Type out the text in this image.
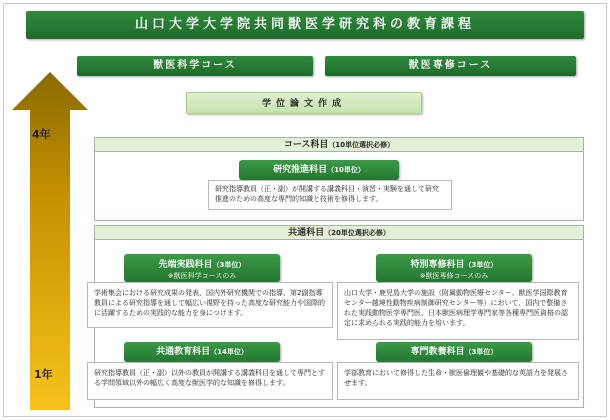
山口大学大学院共同獣医学研究科の教育課程
獣医科学コース	獣医専修コース
学位論文作成
4年
1年
コース科目（10単位選択必修）
研究推進科目（10単位）
研究指導教員（正・副）が開講する講義科目・演習・実験を通して研究推進のための高度な専門的知識と技術を修得します。
共通科目（20単位選択必修）
先端実践科目（3単位）
※獣医科学コースのみ
学術集会における研究成果の発表、国内外研究機関での指導、第2副指導教員による研究指導を通して幅広い視野を持った高度な研究能力や国際的に活躍するための実践的な能力を身につけます。
特別専修科目（3単位）
※獣医専修コースのみ
山口大学・鹿児島大学の施設（附属動物医療センター、獣医学国際教育センター越境性動物疾病制御研究センター等）において、国内で整備された実践動物医学専門医、日本獣医病理学専門家等各種専門医資格の認定に求められる実践的能力を培います。
共通教育科目（14単位）
研究指導教員（正・副）以外の教員が開講する講義科目を通して専門とする学問領域以外の幅広く高度な獣医学的な知識を修得します。
専門教養科目（3単位）
学部教育において修得した生命・獣医倫理観や基礎的な英語力を発展させます。
